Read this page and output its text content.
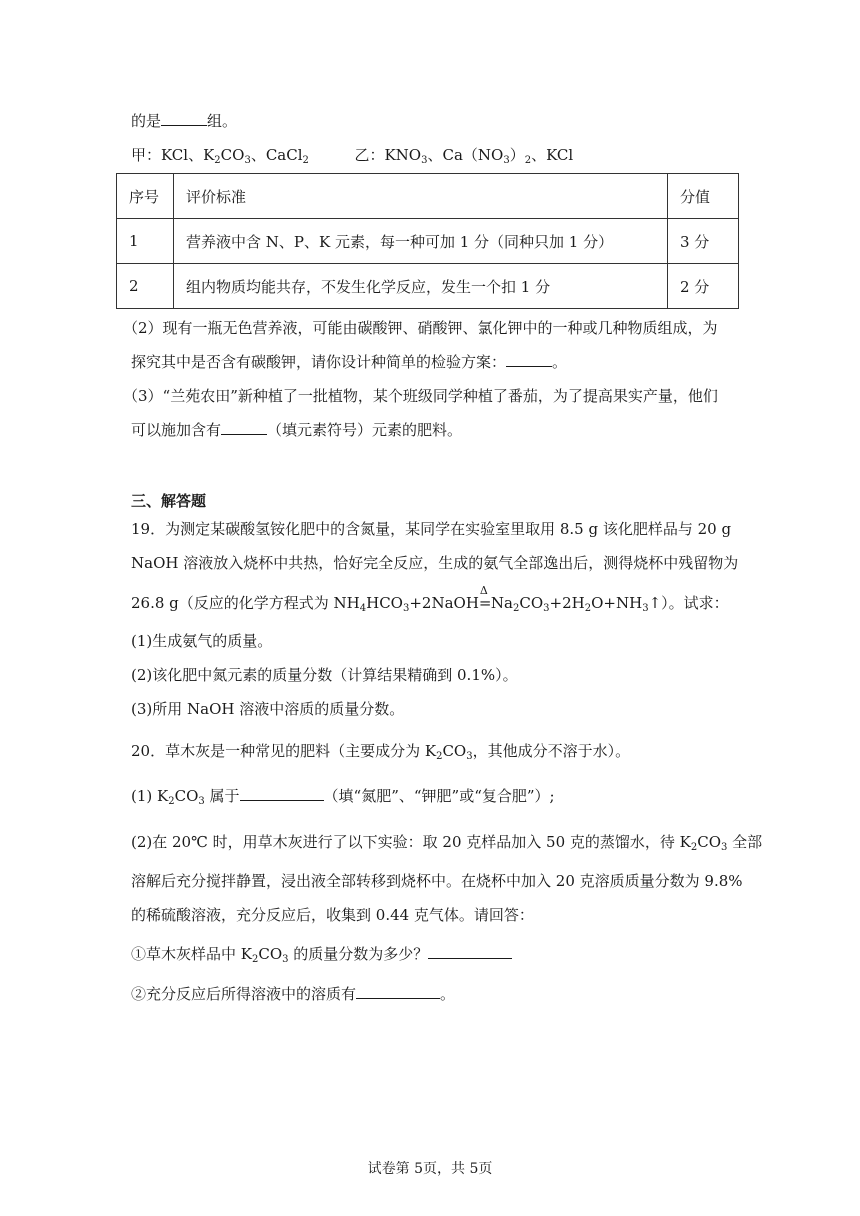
的是	组。
甲：KCl、$K_2CO_3$、CaCl$_2$	乙：$KNO_3$、$Ca(NO_3)_2$、KCl
序号	评价标准	分值
1	营养液中含 N、P、K 元素，每一种可加 1 分（同种只加 1 分）	3 分
2	组内物质均能共存，不发生化学反应，发生一个扣 1 分	2 分
（2）现有一瓶无色营养液，可能由碳酸钾、硝酸钾、氯化钾中的一种或几种物质组成，为
探究其中是否含有碳酸钾，请你设计种简单的检验方案：	。
（3）“兰苑农田”新种植了一批植物，某个班级同学种植了番茄，为了提高果实产量，他们
可以施加含有	（填元素符号）元素的肥料。
三、解答题
19．为测定某碳酸氢铵化肥中的含氮量，某同学在实验室里取用 8.5 g 该化肥样品与 20 g
NaOH 溶液放入烧杯中共热，恰好完全反应，生成的氨气全部逸出后，测得烧杯中残留物为
26.8 g（反应的化学方程式为 $NH_4HCO_3+2NaOH$
Δ
$=Na_2CO_3+2H_2O+NH_3↑$）。试求：
(1)生成氨气的质量。
(2)该化肥中氮元素的质量分数（计算结果精确到 0.1%）。
(3)所用 NaOH 溶液中溶质的质量分数。
20．草木灰是一种常见的肥料（主要成分为 $K_2CO_3$，其他成分不溶于水）。
(1) $K_2CO_3$ 属于	（填“氮肥”、“钾肥”或“复合肥”）;
(2)在 20℃ 时，用草木灰进行了以下实验：取 20 克样品加入 50 克的蒸馏水，待 $K_2CO_3$ 全部
溶解后充分搅拌静置，浸出液全部转移到烧杯中。在烧杯中加入 20 克溶质质量分数为 9.8%
的稀硫酸溶液，充分反应后，收集到 0.44 克气体。请回答：
①草木灰样品中 $K_2CO_3$ 的质量分数为多少？
②充分反应后所得溶液中的溶质有	。
试卷第 5页，共 5页
